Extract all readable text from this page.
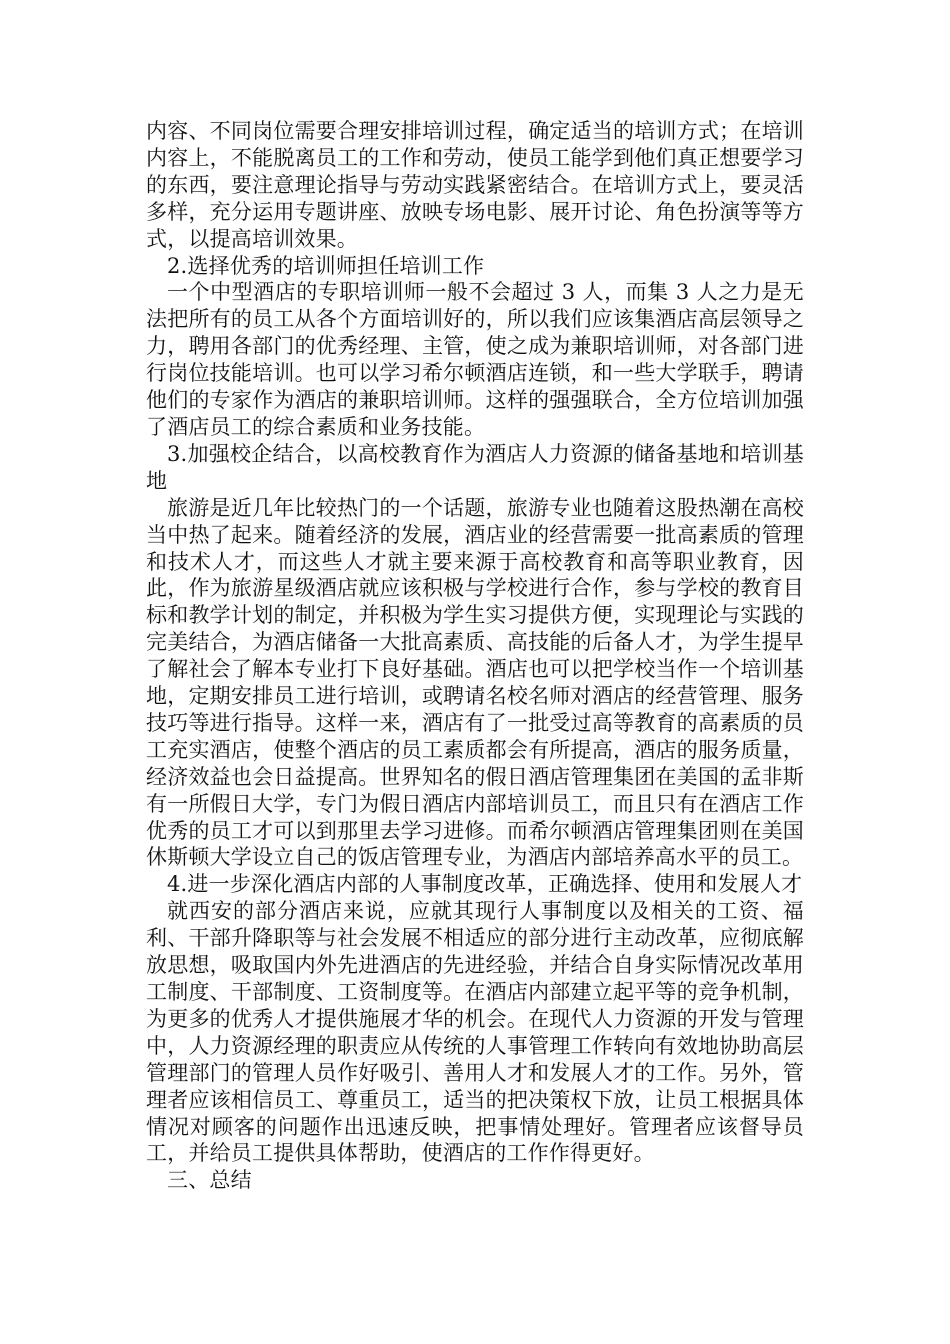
内容、不同岗位需要合理安排培训过程，确定适当的培训方式；在培训内容上，不能脱离员工的工作和劳动，使员工能学到他们真正想要学习的东西，要注意理论指导与劳动实践紧密结合。在培训方式上，要灵活多样，充分运用专题讲座、放映专场电影、展开讨论、角色扮演等等方式，以提高培训效果。

2.选择优秀的培训师担任培训工作

一个中型酒店的专职培训师一般不会超过 3 人，而集 3 人之力是无法把所有的员工从各个方面培训好的，所以我们应该集酒店高层领导之力，聘用各部门的优秀经理、主管，使之成为兼职培训师，对各部门进行岗位技能培训。也可以学习希尔顿酒店连锁，和一些大学联手，聘请他们的专家作为酒店的兼职培训师。这样的强强联合，全方位培训加强了酒店员工的综合素质和业务技能。

3.加强校企结合，以高校教育作为酒店人力资源的储备基地和培训基地

旅游是近几年比较热门的一个话题，旅游专业也随着这股热潮在高校当中热了起来。随着经济的发展，酒店业的经营需要一批高素质的管理和技术人才，而这些人才就主要来源于高校教育和高等职业教育，因此，作为旅游星级酒店就应该积极与学校进行合作，参与学校的教育目标和教学计划的制定，并积极为学生实习提供方便，实现理论与实践的完美结合，为酒店储备一大批高素质、高技能的后备人才，为学生提早了解社会了解本专业打下良好基础。酒店也可以把学校当作一个培训基地，定期安排员工进行培训，或聘请名校名师对酒店的经营管理、服务技巧等进行指导。这样一来，酒店有了一批受过高等教育的高素质的员工充实酒店，使整个酒店的员工素质都会有所提高，酒店的服务质量，经济效益也会日益提高。世界知名的假日酒店管理集团在美国的孟非斯有一所假日大学，专门为假日酒店内部培训员工，而且只有在酒店工作优秀的员工才可以到那里去学习进修。而希尔顿酒店管理集团则在美国休斯顿大学设立自己的饭店管理专业，为酒店内部培养高水平的员工。

4.进一步深化酒店内部的人事制度改革，正确选择、使用和发展人才

就西安的部分酒店来说，应就其现行人事制度以及相关的工资、福利、干部升降职等与社会发展不相适应的部分进行主动改革，应彻底解放思想，吸取国内外先进酒店的先进经验，并结合自身实际情况改革用工制度、干部制度、工资制度等。在酒店内部建立起平等的竞争机制，为更多的优秀人才提供施展才华的机会。在现代人力资源的开发与管理中，人力资源经理的职责应从传统的人事管理工作转向有效地协助高层管理部门的管理人员作好吸引、善用人才和发展人才的工作。另外，管理者应该相信员工、尊重员工，适当的把决策权下放，让员工根据具体情况对顾客的问题作出迅速反映，把事情处理好。管理者应该督导员工，并给员工提供具体帮助，使酒店的工作作得更好。

三、总结
